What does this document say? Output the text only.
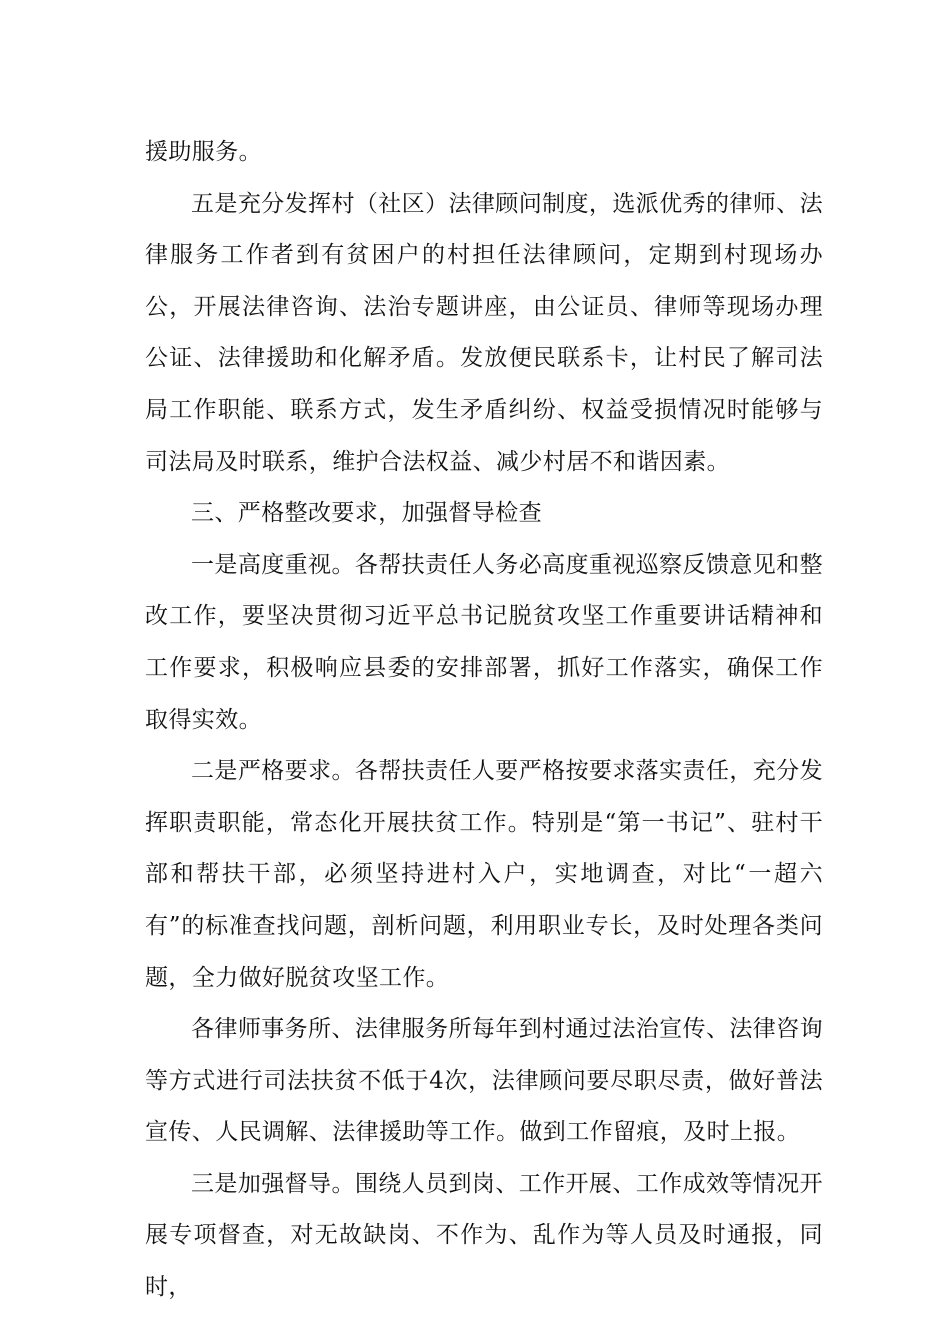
援助服务。

五是充分发挥村（社区）法律顾问制度，选派优秀的律师、法律服务工作者到有贫困户的村担任法律顾问，定期到村现场办公，开展法律咨询、法治专题讲座，由公证员、律师等现场办理公证、法律援助和化解矛盾。发放便民联系卡，让村民了解司法局工作职能、联系方式，发生矛盾纠纷、权益受损情况时能够与司法局及时联系，维护合法权益、减少村居不和谐因素。

三、严格整改要求，加强督导检查

一是高度重视。各帮扶责任人务必高度重视巡察反馈意见和整改工作，要坚决贯彻习近平总书记脱贫攻坚工作重要讲话精神和工作要求，积极响应县委的安排部署，抓好工作落实，确保工作取得实效。

二是严格要求。各帮扶责任人要严格按要求落实责任，充分发挥职责职能，常态化开展扶贫工作。特别是“第一书记”、驻村干部和帮扶干部，必须坚持进村入户，实地调查，对比“一超六有”的标准查找问题，剖析问题，利用职业专长，及时处理各类问题，全力做好脱贫攻坚工作。

各律师事务所、法律服务所每年到村通过法治宣传、法律咨询等方式进行司法扶贫不低于4次，法律顾问要尽职尽责，做好普法宣传、人民调解、法律援助等工作。做到工作留痕，及时上报。

三是加强督导。围绕人员到岗、工作开展、工作成效等情况开展专项督查，对无故缺岗、不作为、乱作为等人员及时通报，同时，
